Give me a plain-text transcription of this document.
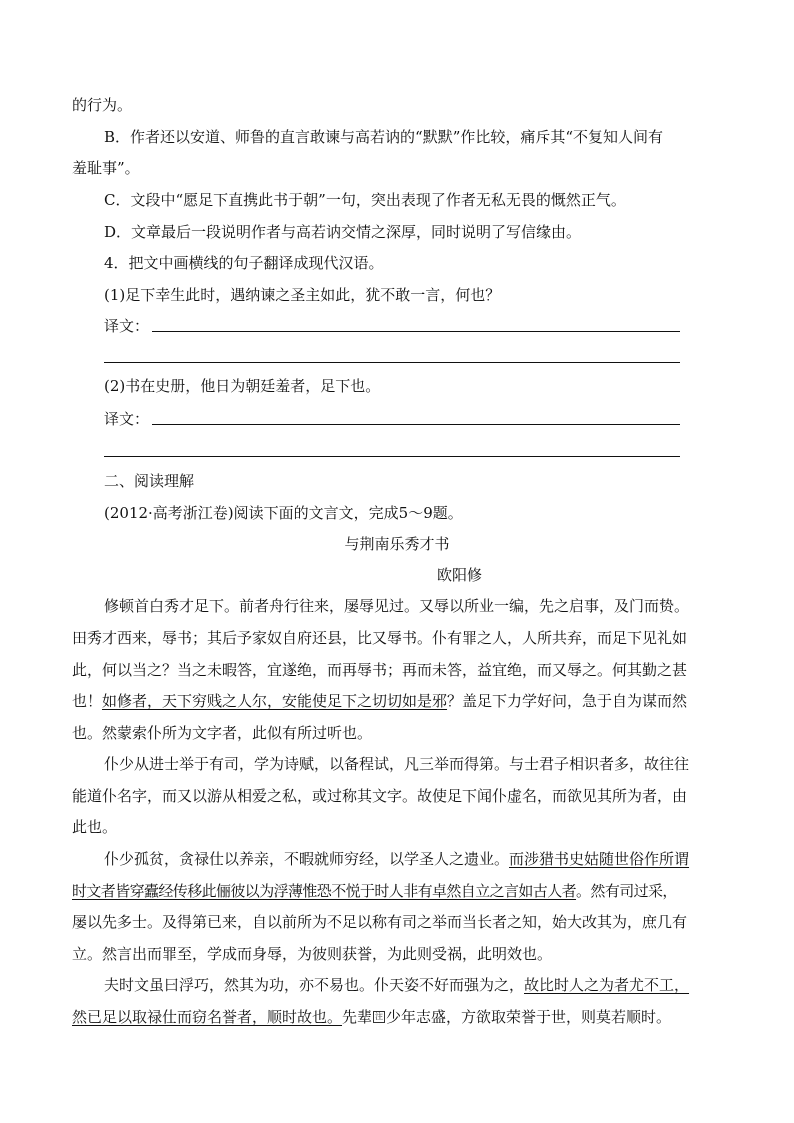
的行为。
B．作者还以安道、师鲁的直言敢谏与高若讷的“默默”作比较，痛斥其“不复知人间有
羞耻事”。
C．文段中“愿足下直携此书于朝”一句，突出表现了作者无私无畏的慨然正气。
D．文章最后一段说明作者与高若讷交情之深厚，同时说明了写信缘由。
4．把文中画横线的句子翻译成现代汉语。
(1)足下幸生此时，遇纳谏之圣主如此，犹不敢一言，何也？
译文：
(2)书在史册，他日为朝廷羞者，足下也。
译文：
二、阅读理解
(2012·高考浙江卷)阅读下面的文言文，完成5～9题。
与荆南乐秀才书
欧阳修
修顿首白秀才足下。前者舟行往来，屡辱见过。又辱以所业一编，先之启事，及门而贽。
田秀才西来，辱书；其后予家奴自府还县，比又辱书。仆有罪之人，人所共弃，而足下见礼如
此，何以当之？当之未暇答，宜遂绝，而再辱书；再而未答，益宜绝，而又辱之。何其勤之甚
也！如修者，天下穷贱之人尔，安能使足下之切切如是邪？盖足下力学好问，急于自为谋而然
也。然蒙索仆所为文字者，此似有所过听也。
仆少从进士举于有司，学为诗赋，以备程试，凡三举而得第。与士君子相识者多，故往往
能道仆名字，而又以游从相爱之私，或过称其文字。故使足下闻仆虚名，而欲见其所为者，由
此也。
仆少孤贫，贪禄仕以养亲，不暇就师穷经，以学圣人之遗业。而涉猎书史姑随世俗作所谓
时文者皆穿蠹经传移此俪彼以为浮薄惟恐不悦于时人非有卓然自立之言如古人者。然有司过采，
屡以先多士。及得第已来，自以前所为不足以称有司之举而当长者之知，始大改其为，庶几有
立。然言出而罪至，学成而身辱，为彼则获誉，为此则受祸，此明效也。
夫时文虽曰浮巧，然其为功，亦不易也。仆天姿不好而强为之，故比时人之为者尤不工，
然已足以取禄仕而窃名誉者，顺时故也。先辈 注 少年志盛，方欲取荣誉于世，则莫若顺时。
